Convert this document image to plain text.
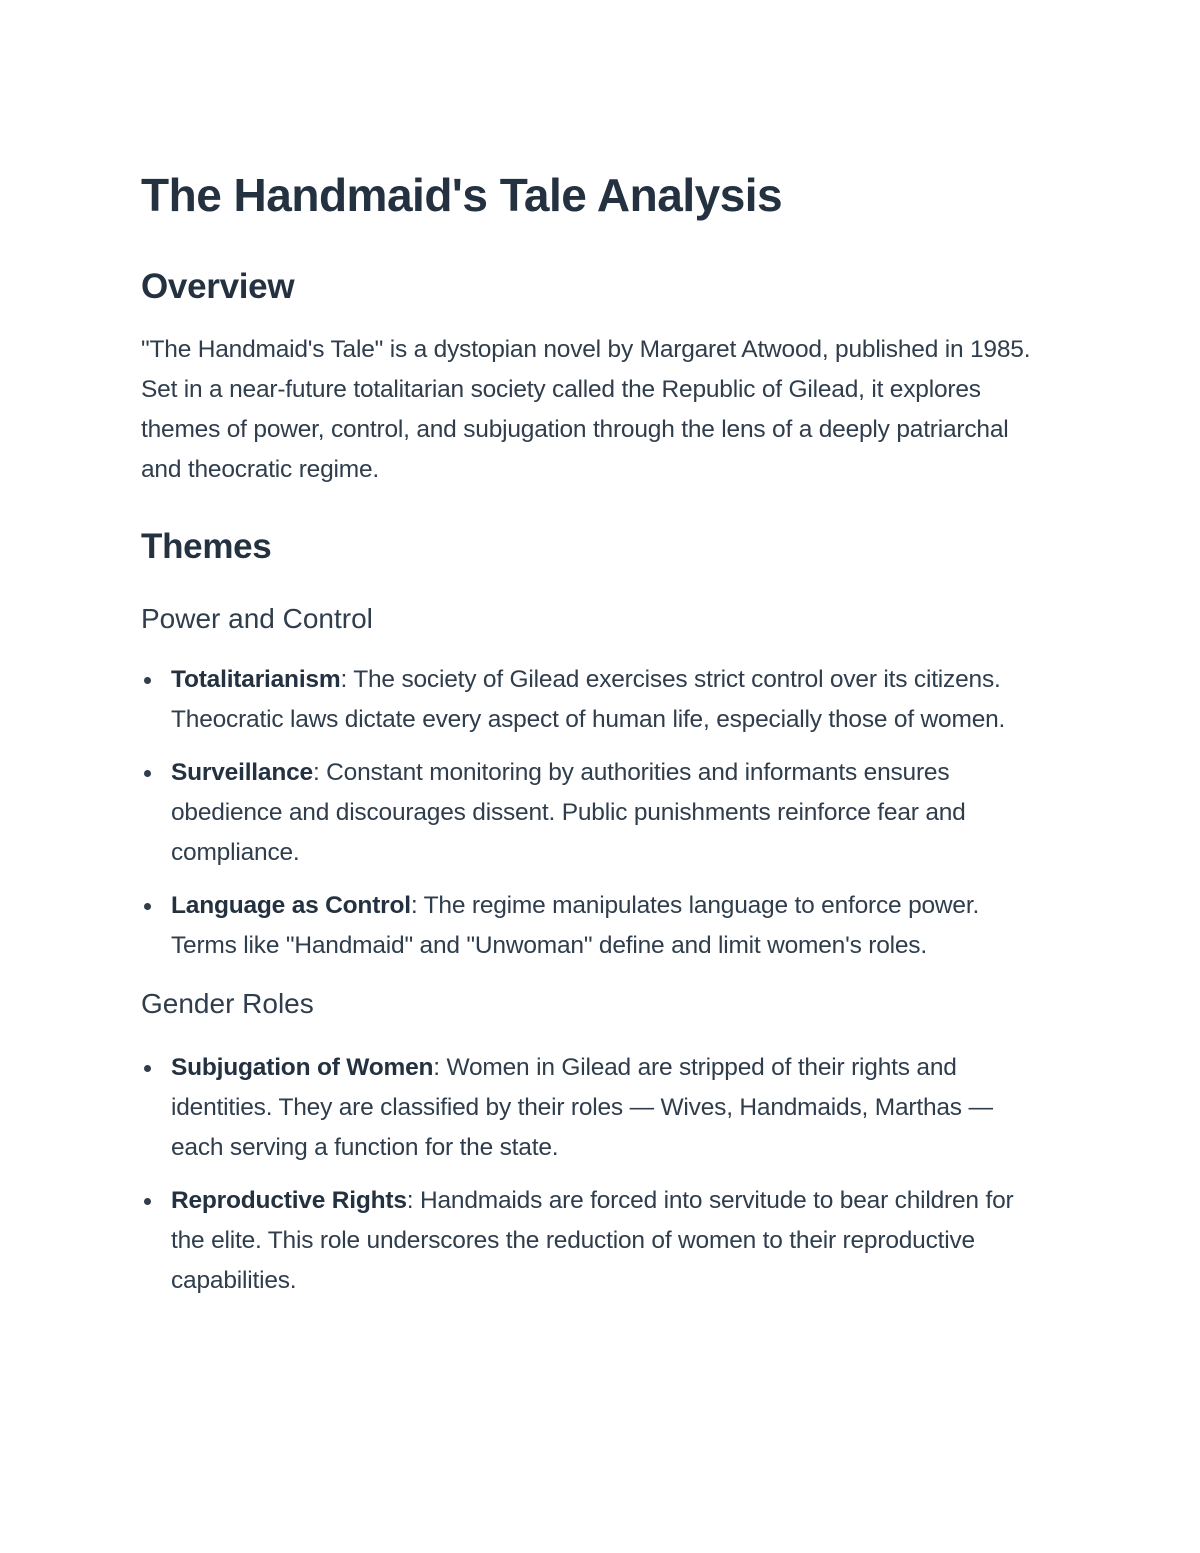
The Handmaid's Tale Analysis
Overview

"The Handmaid's Tale" is a dystopian novel by Margaret Atwood, published in 1985. Set in a near-future totalitarian society called the Republic of Gilead, it explores themes of power, control, and subjugation through the lens of a deeply patriarchal and theocratic regime.

Themes
Power and Control
Totalitarianism: The society of Gilead exercises strict control over its citizens. Theocratic laws dictate every aspect of human life, especially those of women.
Surveillance: Constant monitoring by authorities and informants ensures obedience and discourages dissent. Public punishments reinforce fear and compliance.
Language as Control: The regime manipulates language to enforce power. Terms like "Handmaid" and "Unwoman" define and limit women's roles.
Gender Roles
Subjugation of Women: Women in Gilead are stripped of their rights and identities. They are classified by their roles — Wives, Handmaids, Marthas — each serving a function for the state.
Reproductive Rights: Handmaids are forced into servitude to bear children for the elite. This role underscores the reduction of women to their reproductive capabilities.
